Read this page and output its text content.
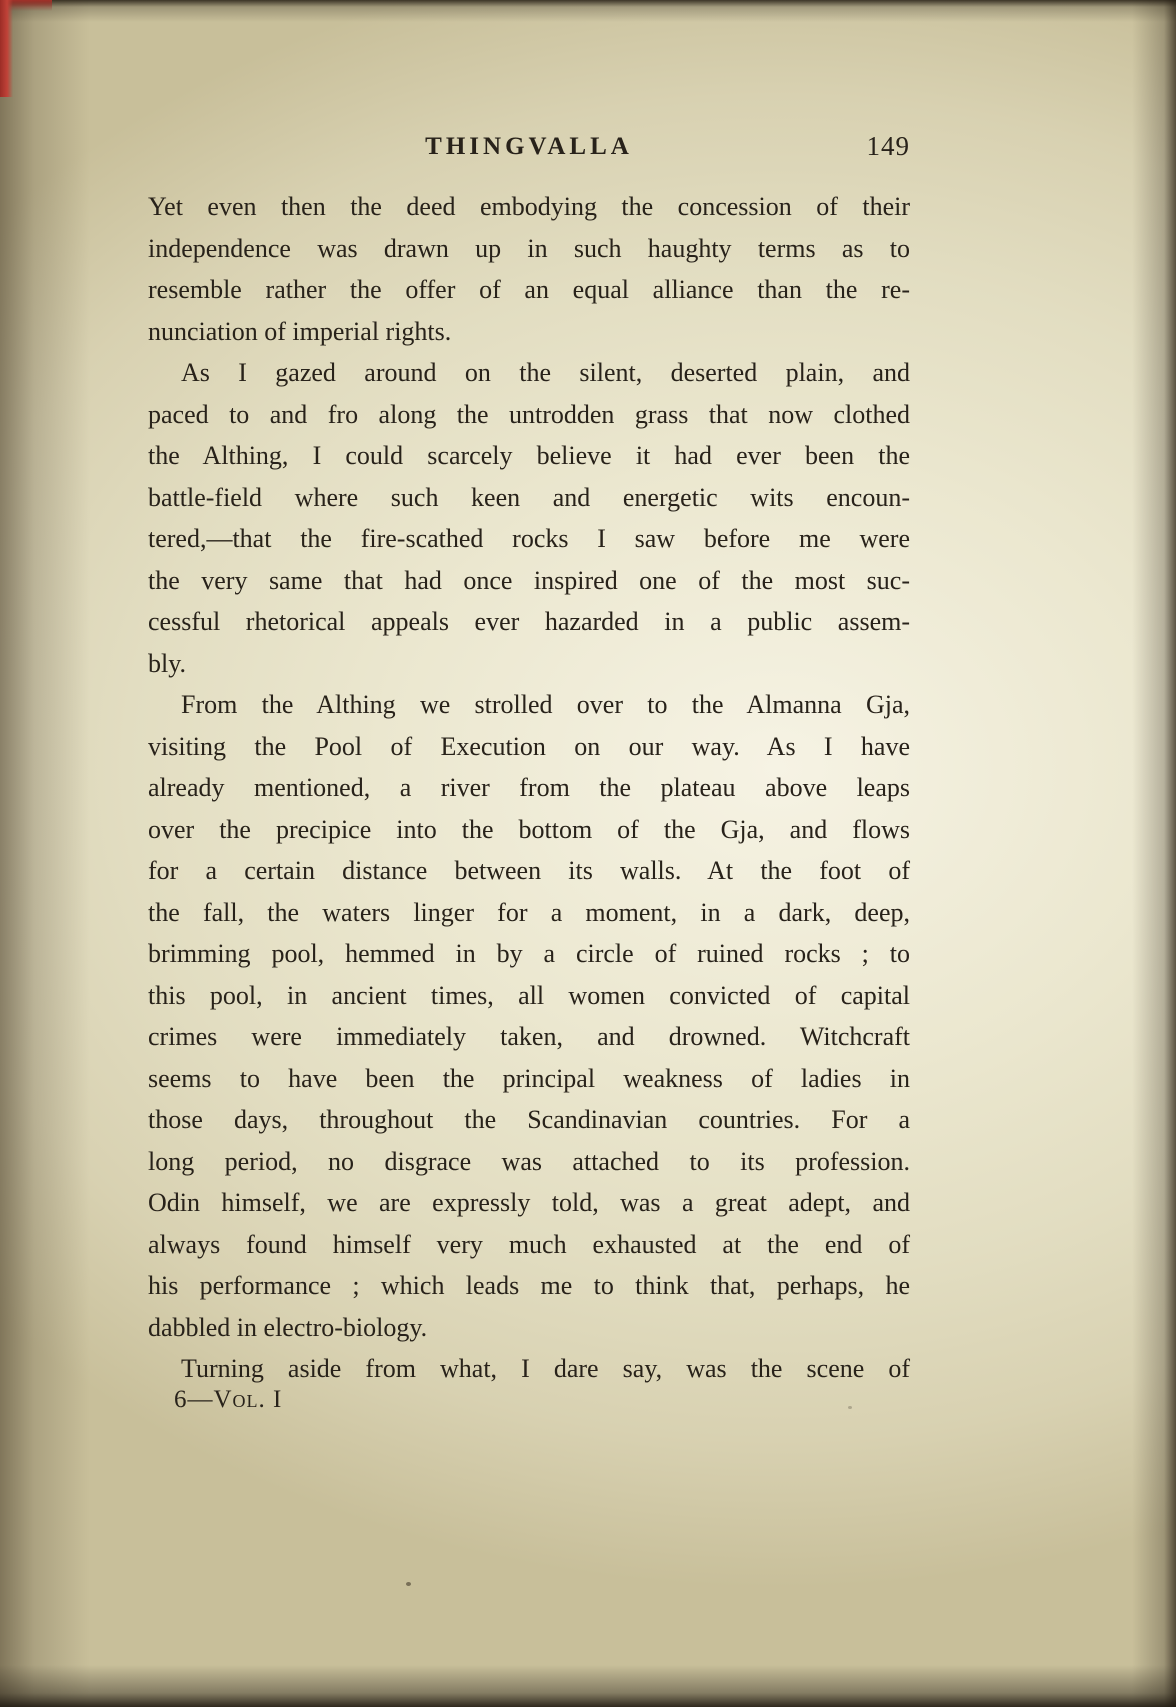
THINGVALLA	149
Yet even then the deed embodying the concession of their
independence was drawn up in such haughty terms as to
resemble rather the offer of an equal alliance than the re-
nunciation of imperial rights.
As I gazed around on the silent, deserted plain, and
paced to and fro along the untrodden grass that now clothed
the Althing, I could scarcely believe it had ever been the
battle-field where such keen and energetic wits encoun-
tered,—that the fire-scathed rocks I saw before me were
the very same that had once inspired one of the most suc-
cessful rhetorical appeals ever hazarded in a public assem-
bly.
From the Althing we strolled over to the Almanna Gja,
visiting the Pool of Execution on our way. As I have
already mentioned, a river from the plateau above leaps
over the precipice into the bottom of the Gja, and flows
for a certain distance between its walls. At the foot of
the fall, the waters linger for a moment, in a dark, deep,
brimming pool, hemmed in by a circle of ruined rocks ; to
this pool, in ancient times, all women convicted of capital
crimes were immediately taken, and drowned. Witchcraft
seems to have been the principal weakness of ladies in
those days, throughout the Scandinavian countries. For a
long period, no disgrace was attached to its profession.
Odin himself, we are expressly told, was a great adept, and
always found himself very much exhausted at the end of
his performance ; which leads me to think that, perhaps, he
dabbled in electro-biology.
Turning aside from what, I dare say, was the scene of
6—Vol. I
